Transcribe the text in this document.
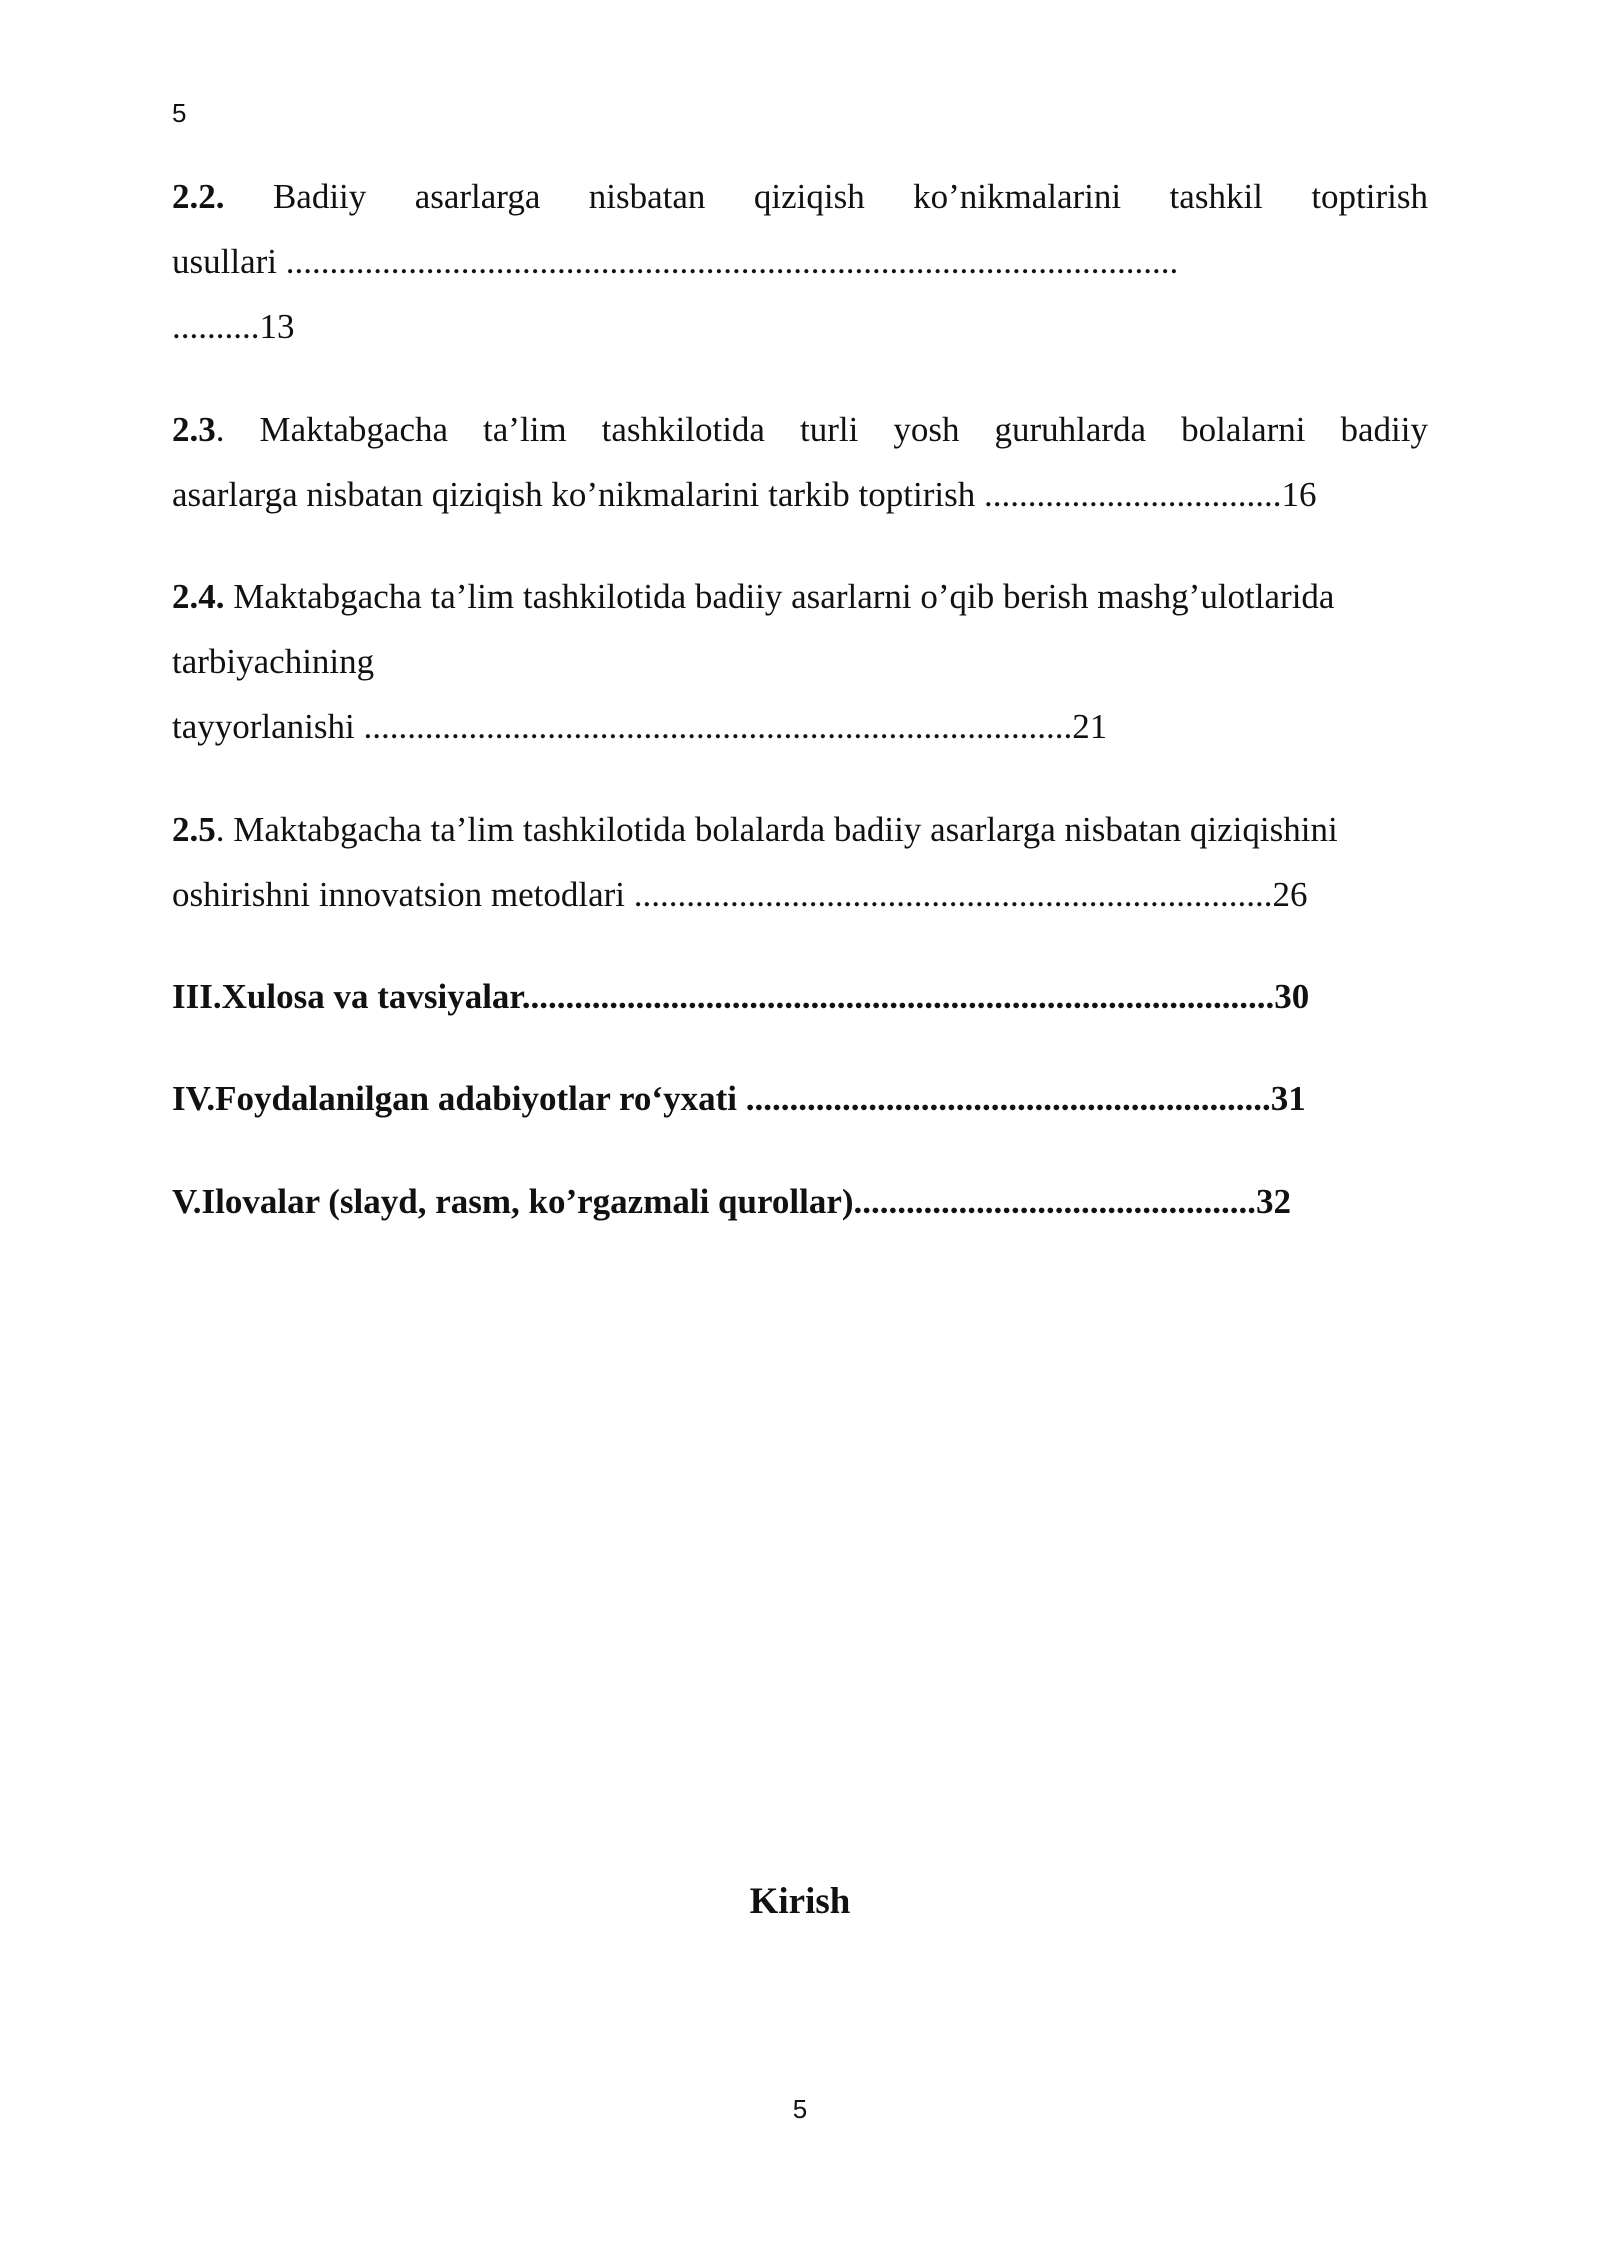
5
2.2. Badiiy asarlarga nisbatan qiziqish ko’nikmalarini tashkil toptirish
usullari ......................................................................................................
..........13
2.3. Maktabgacha ta’lim tashkilotida turli yosh guruhlarda bolalarni badiiy
asarlarga nisbatan qiziqish ko’nikmalarini tarkib toptirish ..................................16
2.4. Maktabgacha ta’lim tashkilotida badiiy asarlarni o’qib berish mashg’ulotlarida
tarbiyachining
tayyorlanishi .................................................................................21
2.5. Maktabgacha ta’lim tashkilotida bolalarda badiiy asarlarga nisbatan qiziqishini
oshirishni innovatsion metodlari .........................................................................26
III.Xulosa va tavsiyalar......................................................................................30
IV.Foydalanilgan adabiyotlar ro‘yxati ............................................................31
V.Ilovalar (slayd, rasm, ko’rgazmali qurollar)..............................................32
Kirish
5
